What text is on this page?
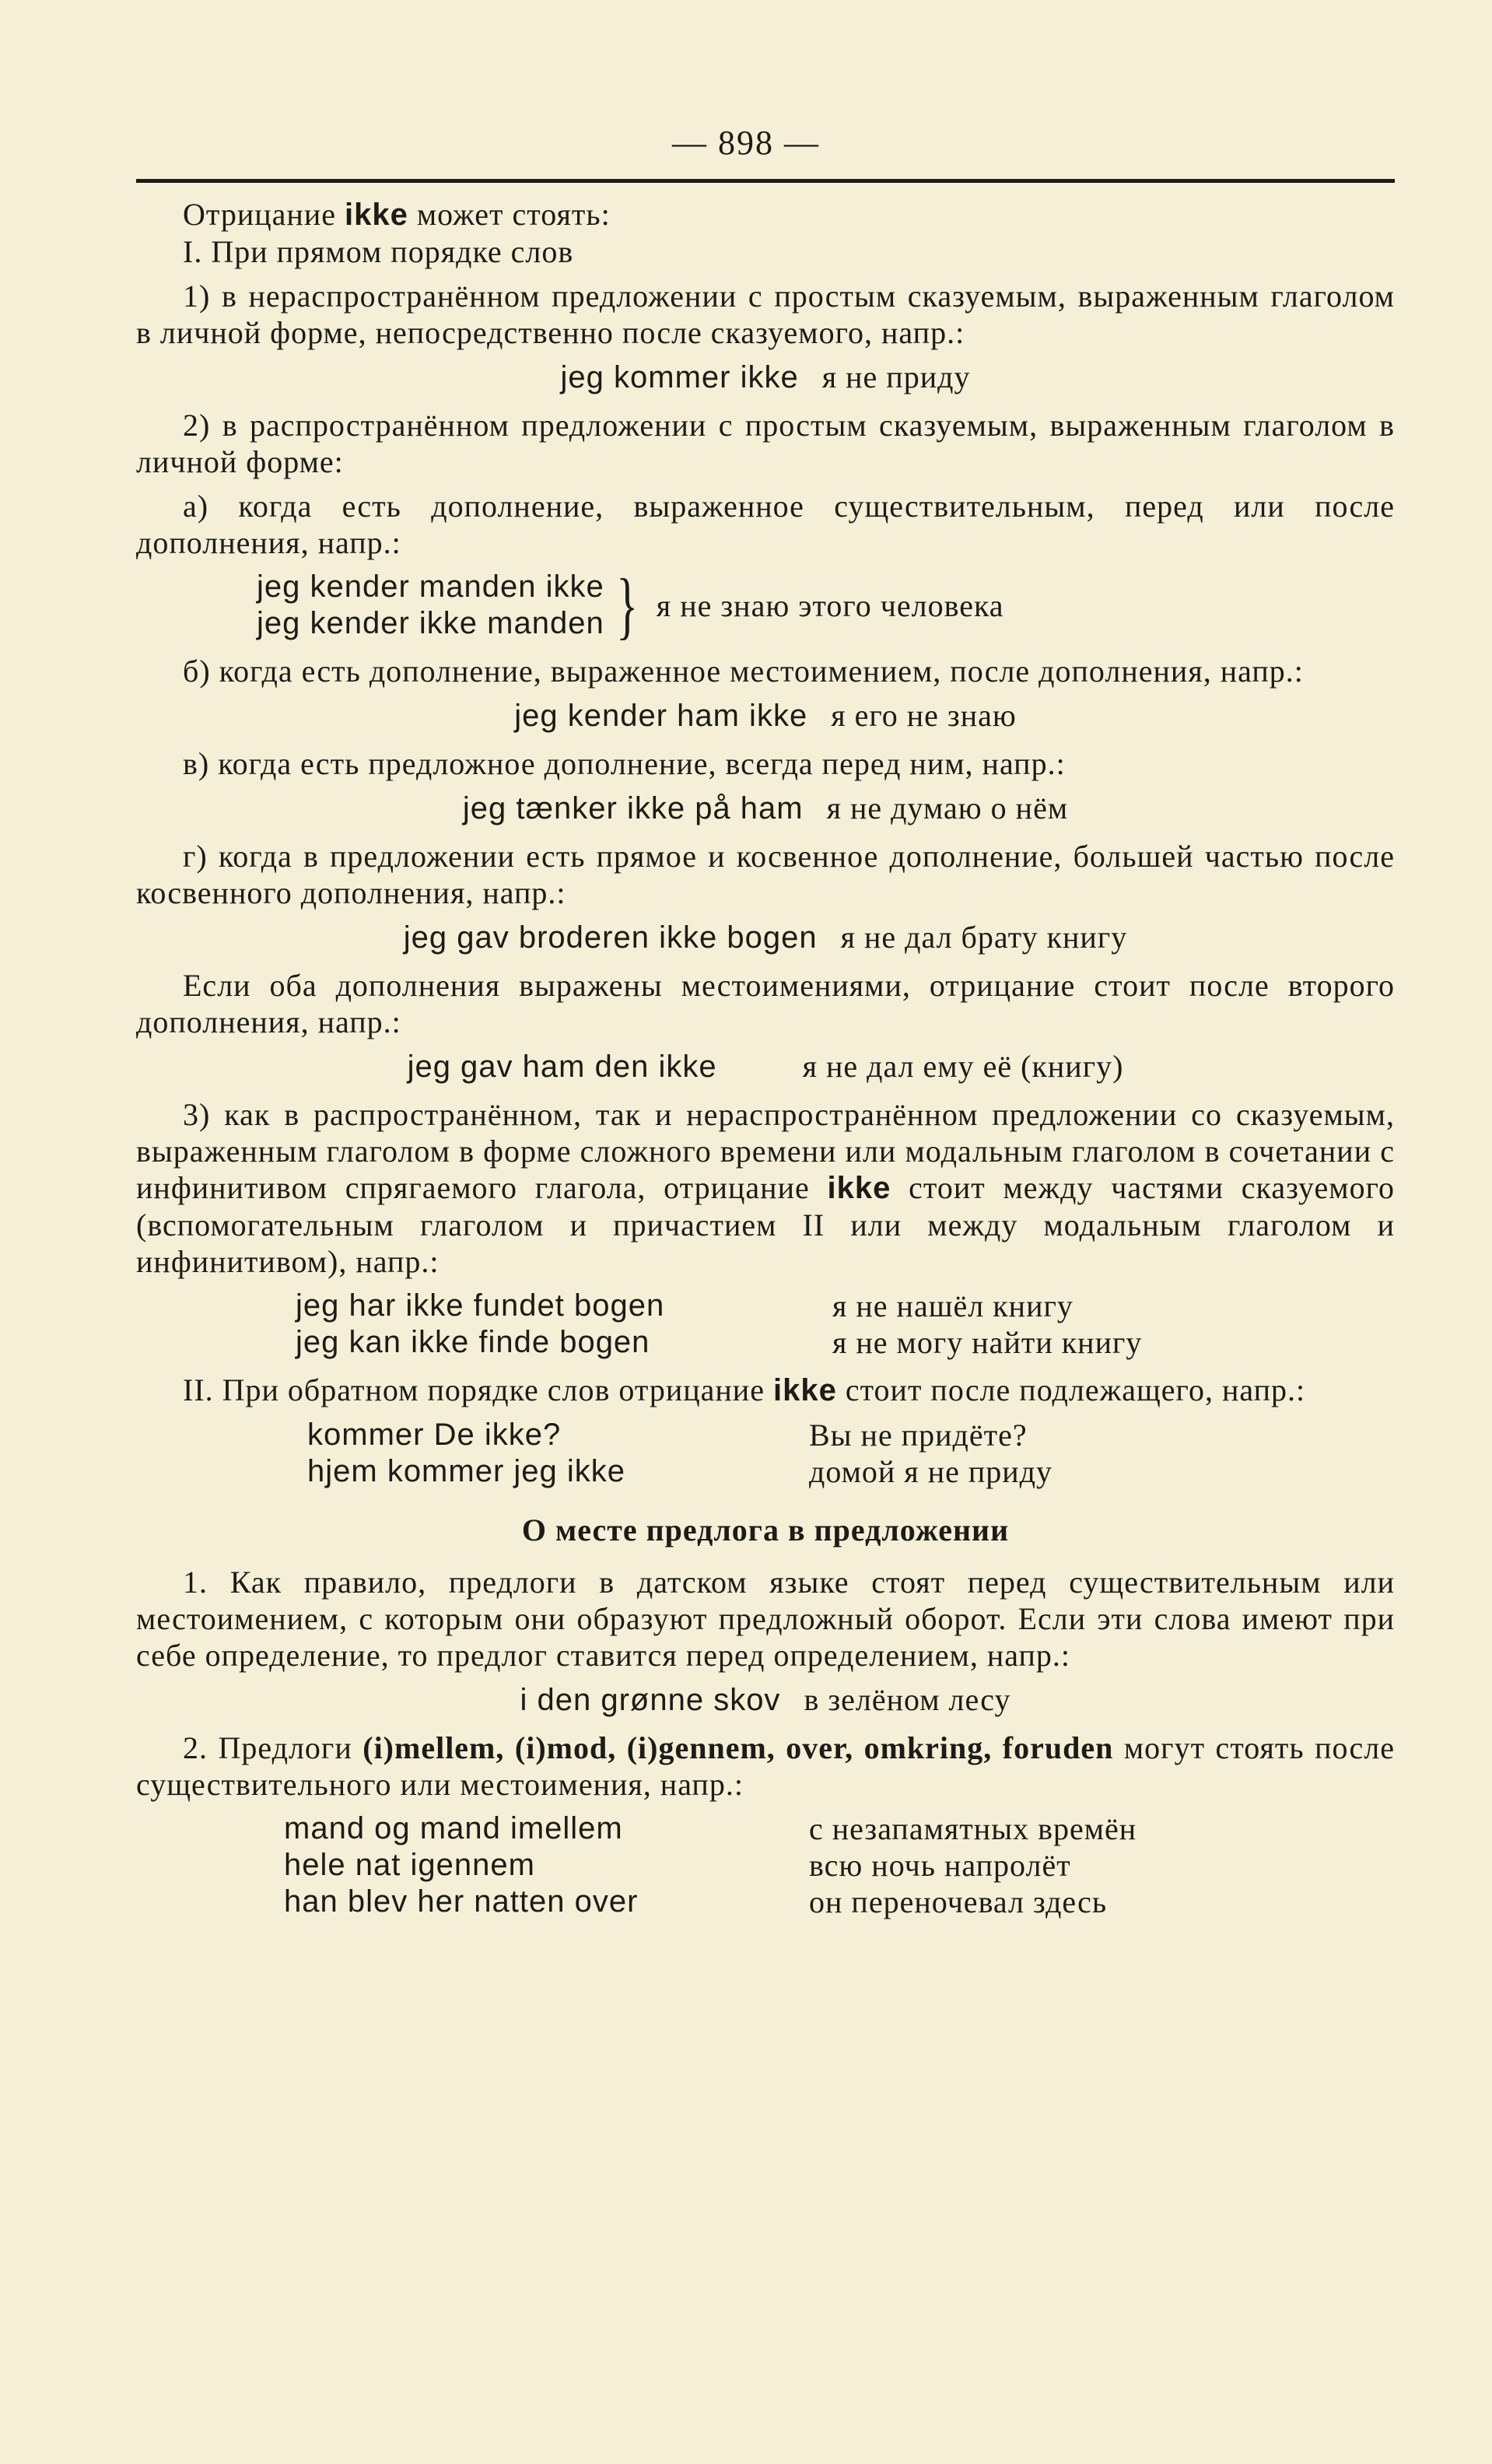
— 898 —

Отрицание ikke может стоять:

I. При прямом порядке слов

1) в нераспространённом предложении с простым сказуемым, выраженным глаголом в личной форме, непосредственно после сказуемого, напр.:

jeg kommer ikke я не приду

2) в распространённом предложении с простым сказуемым, выраженным глаголом в личной форме:

а) когда есть дополнение, выраженное существительным, перед или после дополнения, напр.:

jeg kender manden ikke
jeg kender ikke manden } я не знаю этого человека

б) когда есть дополнение, выраженное местоимением, после дополнения, напр.:

jeg kender ham ikke я его не знаю

в) когда есть предложное дополнение, всегда перед ним, напр.:

jeg tænker ikke på ham я не думаю о нём

г) когда в предложении есть прямое и косвенное дополнение, большей частью после косвенного дополнения, напр.:

jeg gav broderen ikke bogen я не дал брату книгу

Если оба дополнения выражены местоимениями, отрицание стоит после второго дополнения, напр.:

jeg gav ham den ikke	я не дал ему её (книгу)

3) как в распространённом, так и нераспространённом предложении со сказуемым, выраженным глаголом в форме сложного времени или модальным глаголом в сочетании с инфинитивом спрягаемого глагола, отрицание ikke стоит между частями сказуемого (вспомогательным глаголом и причастием II или между модальным глаголом и инфинитивом), напр.:

jeg har ikke fundet bogen	я не нашёл книгу
jeg kan ikke finde bogen	я не могу найти книгу

II. При обратном порядке слов отрицание ikke стоит после подлежащего, напр.:

kommer De ikke?	Вы не придёте?
hjem kommer jeg ikke	домой я не приду
О месте предлога в предложении

1. Как правило, предлоги в датском языке стоят перед существительным или местоимением, с которым они образуют предложный оборот. Если эти слова имеют при себе определение, то предлог ставится перед определением, напр.:

i den grønne skov в зелёном лесу

2. Предлоги (i)mellem, (i)mod, (i)gennem, over, omkring, foruden могут стоять после существительного или местоимения, напр.:

mand og mand imellem	с незапамятных времён
hele nat igennem	всю ночь напролёт
han blev her natten over	он переночевал здесь
